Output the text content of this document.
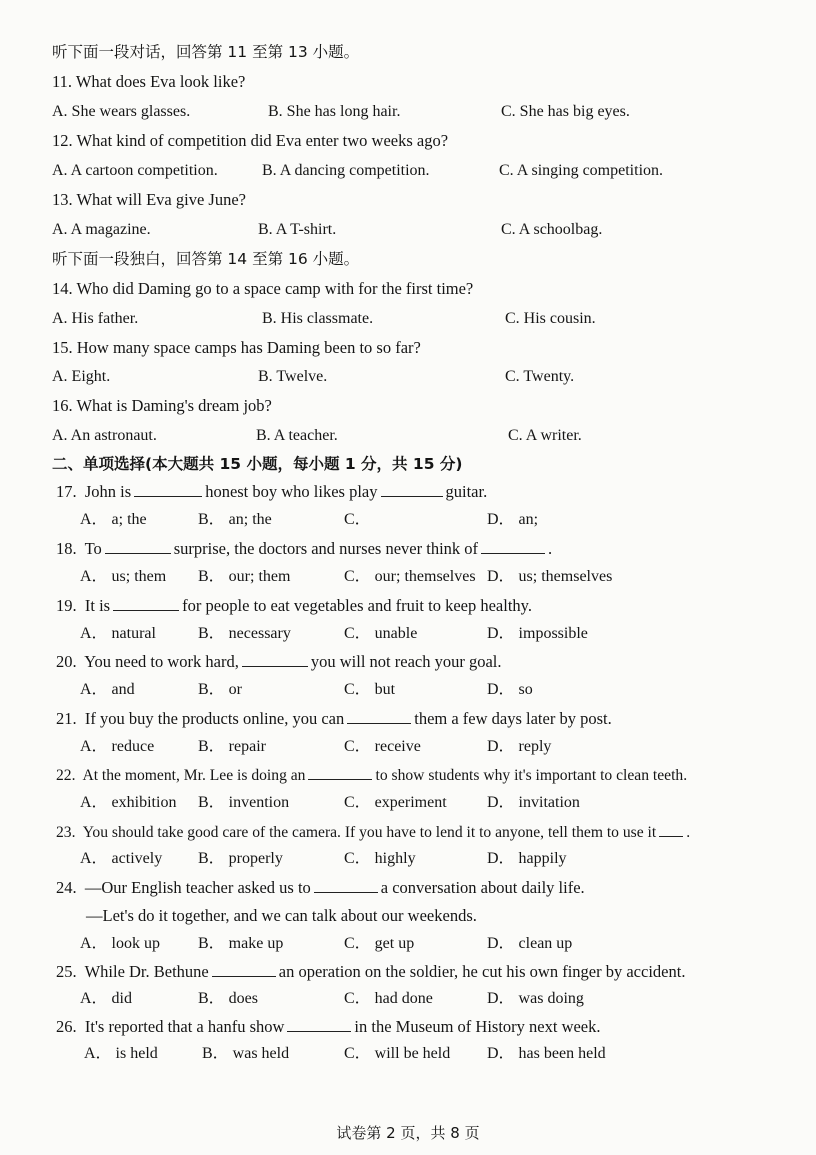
听下面一段对话，回答第 11 至第 13 小题。
11. What does Eva look like?
A. She wears glasses.	B. She has long hair.	C. She has big eyes.
12. What kind of competition did Eva enter two weeks ago?
A. A cartoon competition.	B. A dancing competition.	C. A singing competition.
13. What will Eva give June?
A. A magazine.	B. A T-shirt.	C. A schoolbag.
听下面一段独白，回答第 14 至第 16 小题。
14. Who did Daming go to a space camp with for the first time?
A. His father.	B. His classmate.	C. His cousin.
15. How many space camps has Daming been to so far?
A. Eight.	B. Twelve.	C. Twenty.
16. What is Daming's dream job?
A. An astronaut.	B. A teacher.	C. A writer.
二、单项选择(本大题共 15 小题，每小题 1 分，共 15 分)
17. John is	honest boy who likes play	guitar.
A． a; the	B． an; the	C．	D． an;
18. To	surprise, the doctors and nurses never think of	.
A． us; them B． our; them	C． our; themselves D． us; themselves
19. It is	for people to eat vegetables and fruit to keep healthy.
A． natural	B． necessary	C． unable	D． impossible
20. You need to work hard,	you will not reach your goal.
A． and	B． or	C． but	D． so
21. If you buy the products online, you can	them a few days later by post.
A． reduce	B． repair	C． receive	D． reply
22. At the moment, Mr. Lee is doing an	to show students why it's important to clean teeth.
A． exhibition B． invention	C． experiment	D． invitation
23. You should take good care of the camera. If you have to lend it to anyone, tell them to use it .
A． actively B． properly	C． highly	D． happily
24. —Our English teacher asked us to	a conversation about daily life.
—Let's do it together, and we can talk about our weekends.
A． look up B． make up	C． get up	D． clean up
25. While Dr. Bethune	an operation on the soldier, he cut his own finger by accident.
A． did	B． does	C． had done	D． was doing
26. It's reported that a hanfu show	in the Museum of History next week.
A． is held	B． was held	C． will be held D． has been held
试卷第 2 页，共 8 页
